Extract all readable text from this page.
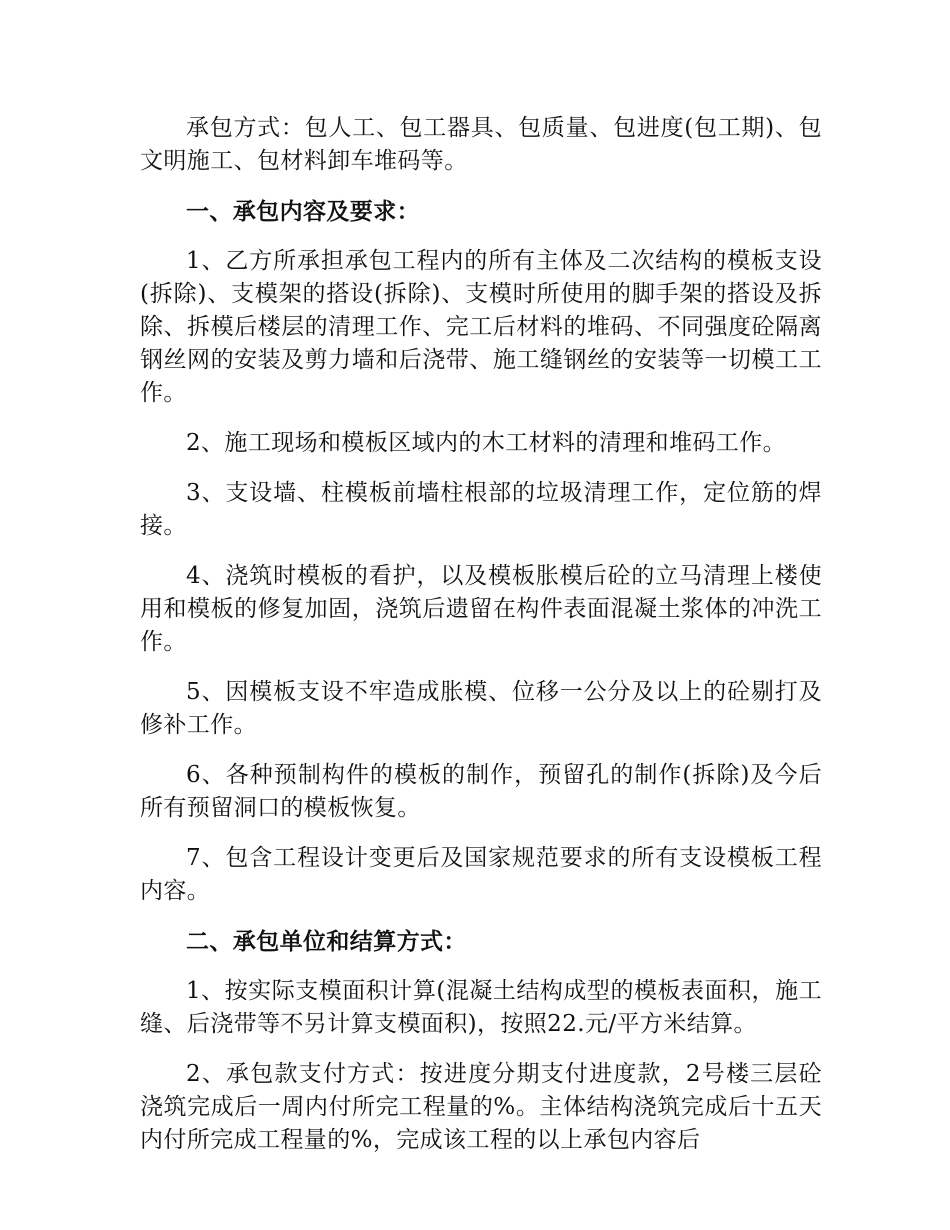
承包方式：包人工、包工器具、包质量、包进度(包工期)、包文明施工、包材料卸车堆码等。

一、承包内容及要求：

1、乙方所承担承包工程内的所有主体及二次结构的模板支设(拆除)、支模架的搭设(拆除)、支模时所使用的脚手架的搭设及拆除、拆模后楼层的清理工作、完工后材料的堆码、不同强度砼隔离钢丝网的安装及剪力墙和后浇带、施工缝钢丝的安装等一切模工工作。

2、施工现场和模板区域内的木工材料的清理和堆码工作。

3、支设墙、柱模板前墙柱根部的垃圾清理工作，定位筋的焊接。

4、浇筑时模板的看护，以及模板胀模后砼的立马清理上楼使用和模板的修复加固，浇筑后遗留在构件表面混凝土浆体的冲洗工作。

5、因模板支设不牢造成胀模、位移一公分及以上的砼剔打及修补工作。

6、各种预制构件的模板的制作，预留孔的制作(拆除)及今后所有预留洞口的模板恢复。

7、包含工程设计变更后及国家规范要求的所有支设模板工程内容。

二、承包单位和结算方式：

1、按实际支模面积计算(混凝土结构成型的模板表面积，施工缝、后浇带等不另计算支模面积)，按照22.元/平方米结算。

2、承包款支付方式：按进度分期支付进度款，2号楼三层砼浇筑完成后一周内付所完工程量的%。主体结构浇筑完成后十五天内付所完成工程量的%，完成该工程的以上承包内容后
